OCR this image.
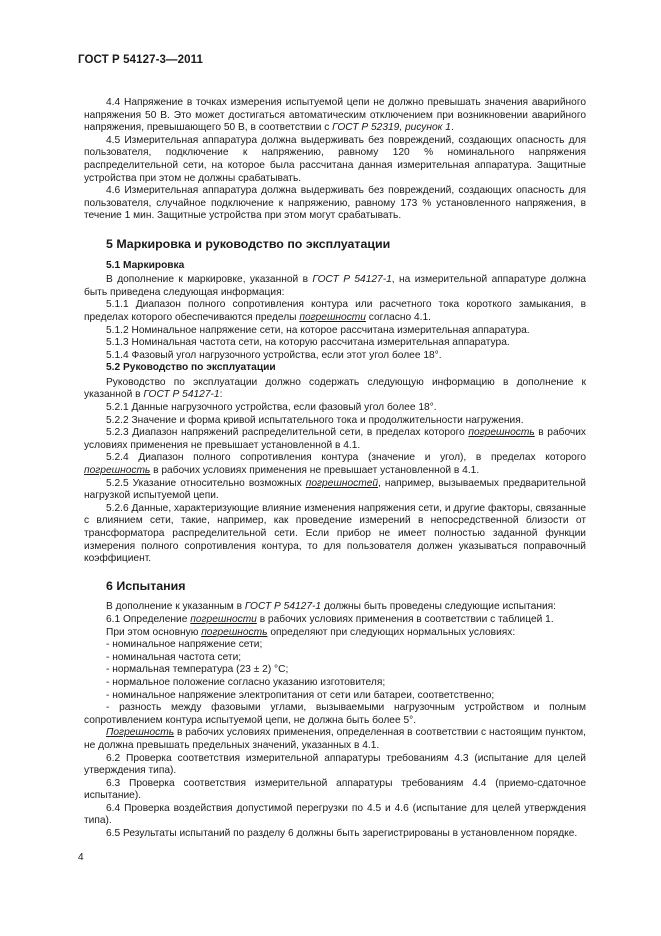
ГОСТ Р 54127-3—2011

4.4 Напряжение в точках измерения испытуемой цепи не должно превышать значения аварийного напряжения 50 В. Это может достигаться автоматическим отключением при возникновении аварийного напряжения, превышающего 50 В, в соответствии с ГОСТ Р 52319, рисунок 1.

4.5 Измерительная аппаратура должна выдерживать без повреждений, создающих опасность для пользователя, подключение к напряжению, равному 120 % номинального напряжения распределительной сети, на которое была рассчитана данная измерительная аппаратура. Защитные устройства при этом не должны срабатывать.

4.6 Измерительная аппаратура должна выдерживать без повреждений, создающих опасность для пользователя, случайное подключение к напряжению, равному 173 % установленного напряжения, в течение 1 мин. Защитные устройства при этом могут срабатывать.

5 Маркировка и руководство по эксплуатации
5.1 Маркировка

В дополнение к маркировке, указанной в ГОСТ Р 54127-1, на измерительной аппаратуре должна быть приведена следующая информация:

5.1.1 Диапазон полного сопротивления контура или расчетного тока короткого замыкания, в пределах которого обеспечиваются пределы погрешности согласно 4.1.

5.1.2 Номинальное напряжение сети, на которое рассчитана измерительная аппаратура.

5.1.3 Номинальная частота сети, на которую рассчитана измерительная аппаратура.

5.1.4 Фазовый угол нагрузочного устройства, если этот угол более 18°.

5.2 Руководство по эксплуатации

Руководство по эксплуатации должно содержать следующую информацию в дополнение к указанной в ГОСТ Р 54127-1:

5.2.1 Данные нагрузочного устройства, если фазовый угол более 18°.

5.2.2 Значение и форма кривой испытательного тока и продолжительности нагружения.

5.2.3 Диапазон напряжений распределительной сети, в пределах которого погрешность в рабочих условиях применения не превышает установленной в 4.1.

5.2.4 Диапазон полного сопротивления контура (значение и угол), в пределах которого погрешность в рабочих условиях применения не превышает установленной в 4.1.

5.2.5 Указание относительно возможных погрешностей, например, вызываемых предварительной нагрузкой испытуемой цепи.

5.2.6 Данные, характеризующие влияние изменения напряжения сети, и другие факторы, связанные с влиянием сети, такие, например, как проведение измерений в непосредственной близости от трансформатора распределительной сети. Если прибор не имеет полностью заданной функции измерения полного сопротивления контура, то для пользователя должен указываться поправочный коэффициент.

6 Испытания

В дополнение к указанным в ГОСТ Р 54127-1 должны быть проведены следующие испытания:

6.1 Определение погрешности в рабочих условиях применения в соответствии с таблицей 1.

При этом основную погрешность определяют при следующих нормальных условиях:

- номинальное напряжение сети;

- номинальная частота сети;

- нормальная температура (23 ± 2) °С;

- нормальное положение согласно указанию изготовителя;

- номинальное напряжение электропитания от сети или батареи, соответственно;

- разность между фазовыми углами, вызываемыми нагрузочным устройством и полным сопротивлением контура испытуемой цепи, не должна быть более 5°.

Погрешность в рабочих условиях применения, определенная в соответствии с настоящим пунктом, не должна превышать предельных значений, указанных в 4.1.

6.2 Проверка соответствия измерительной аппаратуры требованиям 4.3 (испытание для целей утверждения типа).

6.3 Проверка соответствия измерительной аппаратуры требованиям 4.4 (приемо-сдаточное испытание).

6.4 Проверка воздействия допустимой перегрузки по 4.5 и 4.6 (испытание для целей утверждения типа).

6.5 Результаты испытаний по разделу 6 должны быть зарегистрированы в установленном порядке.

4
